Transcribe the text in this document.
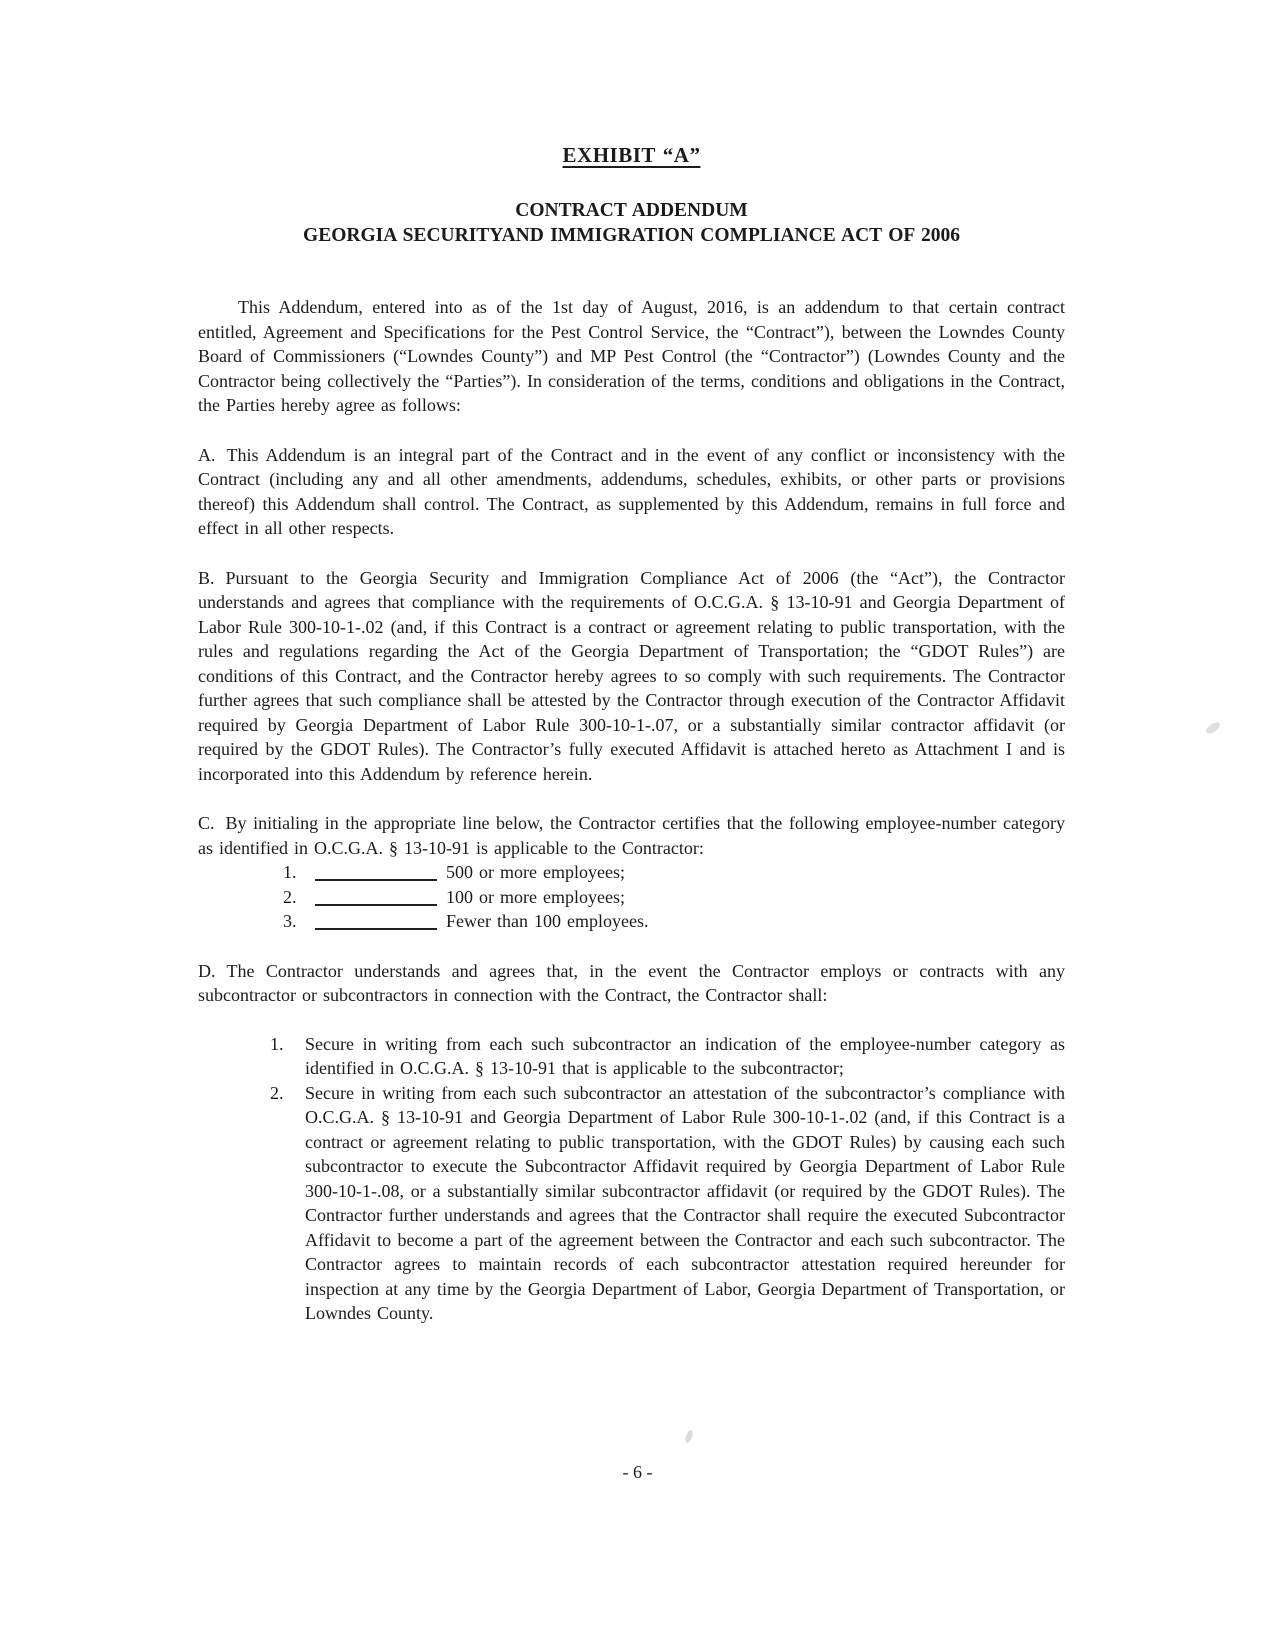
EXHIBIT “A”
CONTRACT ADDENDUM
GEORGIA SECURITYAND IMMIGRATION COMPLIANCE ACT OF 2006

This Addendum, entered into as of the 1st day of August, 2016, is an addendum to that certain contract entitled, Agreement and Specifications for the Pest Control Service, the “Contract”), between the Lowndes County Board of Commissioners (“Lowndes County”) and MP Pest Control (the “Contractor”) (Lowndes County and the Contractor being collectively the “Parties”). In consideration of the terms, conditions and obligations in the Contract, the Parties hereby agree as follows:

A. This Addendum is an integral part of the Contract and in the event of any conflict or inconsistency with the Contract (including any and all other amendments, addendums, schedules, exhibits, or other parts or provisions thereof) this Addendum shall control. The Contract, as supplemented by this Addendum, remains in full force and effect in all other respects.

B. Pursuant to the Georgia Security and Immigration Compliance Act of 2006 (the “Act”), the Contractor understands and agrees that compliance with the requirements of O.C.G.A. § 13-10-91 and Georgia Department of Labor Rule 300-10-1-.02 (and, if this Contract is a contract or agreement relating to public transportation, with the rules and regulations regarding the Act of the Georgia Department of Transportation; the “GDOT Rules”) are conditions of this Contract, and the Contractor hereby agrees to so comply with such requirements. The Contractor further agrees that such compliance shall be attested by the Contractor through execution of the Contractor Affidavit required by Georgia Department of Labor Rule 300-10-1-.07, or a substantially similar contractor affidavit (or required by the GDOT Rules). The Contractor’s fully executed Affidavit is attached hereto as Attachment I and is incorporated into this Addendum by reference herein.

C. By initialing in the appropriate line below, the Contractor certifies that the following employee-number category as identified in O.C.G.A. § 13-10-91 is applicable to the Contractor:

1.	500 or more employees;
2.	100 or more employees;
3.	Fewer than 100 employees.

D. The Contractor understands and agrees that, in the event the Contractor employs or contracts with any subcontractor or subcontractors in connection with the Contract, the Contractor shall:

1. Secure in writing from each such subcontractor an indication of the employee-number category as identified in O.C.G.A. § 13-10-91 that is applicable to the subcontractor;
2. Secure in writing from each such subcontractor an attestation of the subcontractor’s compliance with O.C.G.A. § 13-10-91 and Georgia Department of Labor Rule 300-10-1-.02 (and, if this Contract is a contract or agreement relating to public transportation, with the GDOT Rules) by causing each such subcontractor to execute the Subcontractor Affidavit required by Georgia Department of Labor Rule 300-10-1-.08, or a substantially similar subcontractor affidavit (or required by the GDOT Rules). The Contractor further understands and agrees that the Contractor shall require the executed Subcontractor Affidavit to become a part of the agreement between the Contractor and each such subcontractor. The Contractor agrees to maintain records of each subcontractor attestation required hereunder for inspection at any time by the Georgia Department of Labor, Georgia Department of Transportation, or Lowndes County.
- 6 -
